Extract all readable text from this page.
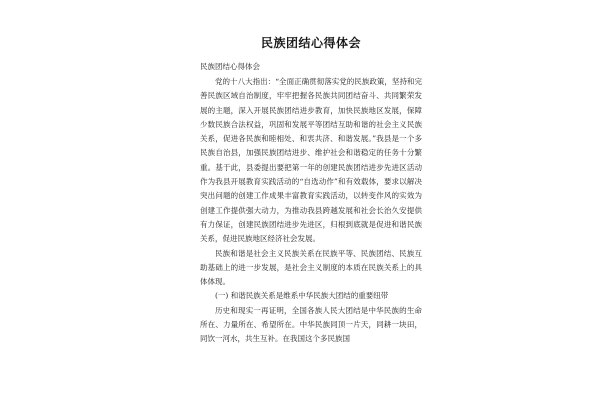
民族团结心得体会
民族团结心得体会

党的十八大指出：“全面正确贯彻落实党的民族政策，坚持和完善民族区域自治制度，牢牢把握各民族共同团结奋斗、共同繁荣发展的主题，深入开展民族团结进步教育，加快民族地区发展，保障少数民族合法权益，巩固和发展平等团结互助和谐的社会主义民族关系，促进各民族和睦相处、和衷共济、和谐发展。”我县是一个多民族自治县，加强民族团结进步、维护社会和谐稳定的任务十分繁重。基于此，县委提出要把第一年的创建民族团结进步先进区活动作为我县开展教育实践活动的“自选动作”和有效载体，要求以解决突出问题的创建工作成果丰富教育实践活动，以转变作风的实效为创建工作提供强大动力，为推动我县跨越发展和社会长治久安提供有力保证，创建民族团结进步先进区，归根到底就是促进和谐民族关系，促进民族地区经济社会发展。

民族和谐是社会主义民族关系在民族平等、民族团结、民族互助基础上的进一步发展，是社会主义制度的本质在民族关系上的具体体现。

(一) 和谐民族关系是维系中华民族大团结的重要纽带

历史和现实一再证明，全国各族人民大团结是中华民族的生命所在、力量所在、希望所在。中华民族同顶一片天，同耕一块田，同饮一河水，共生互补。在我国这个多民族国
